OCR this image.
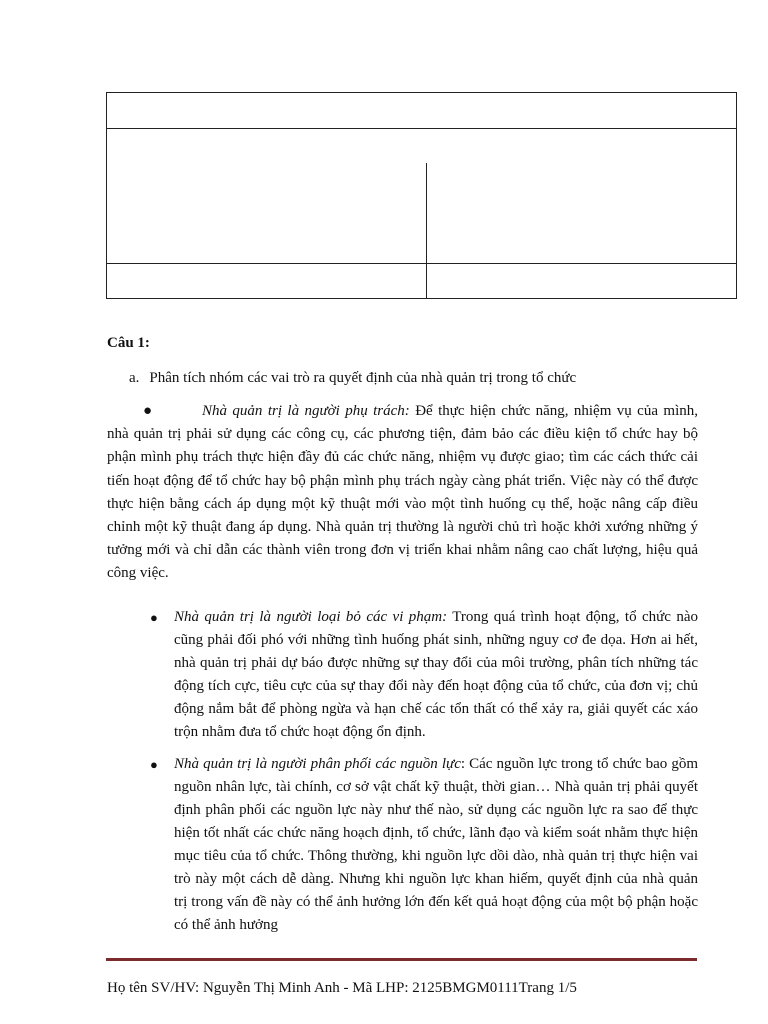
Câu 1:
a. Phân tích nhóm các vai trò ra quyết định của nhà quản trị trong tổ chức
●	Nhà quản trị là người phụ trách: Để thực hiện chức năng, nhiệm vụ của mình, nhà quản trị phải sử dụng các công cụ, các phương tiện, đảm bảo các điều kiện tổ chức hay bộ phận mình phụ trách thực hiện đầy đủ các chức năng, nhiệm vụ được giao; tìm các cách thức cải tiến hoạt động để tổ chức hay bộ phận mình phụ trách ngày càng phát triển. Việc này có thể được thực hiện bằng cách áp dụng một kỹ thuật mới vào một tình huống cụ thể, hoặc nâng cấp điều chỉnh một kỹ thuật đang áp dụng. Nhà quản trị thường là người chủ trì hoặc khởi xướng những ý tưởng mới và chỉ dẫn các thành viên trong đơn vị triển khai nhằm nâng cao chất lượng, hiệu quả công việc.
● Nhà quản trị là người loại bỏ các vi phạm: Trong quá trình hoạt động, tổ chức nào cũng phải đối phó với những tình huống phát sinh, những nguy cơ đe dọa. Hơn ai hết, nhà quản trị phải dự báo được những sự thay đổi của môi trường, phân tích những tác động tích cực, tiêu cực của sự thay đổi này đến hoạt động của tổ chức, của đơn vị; chủ động nắm bắt để phòng ngừa và hạn chế các tổn thất có thể xảy ra, giải quyết các xáo trộn nhằm đưa tổ chức hoạt động ổn định.
● Nhà quản trị là người phân phối các nguồn lực: Các nguồn lực trong tổ chức bao gồm nguồn nhân lực, tài chính, cơ sở vật chất kỹ thuật, thời gian… Nhà quản trị phải quyết định phân phối các nguồn lực này như thế nào, sử dụng các nguồn lực ra sao để thực hiện tốt nhất các chức năng hoạch định, tổ chức, lãnh đạo và kiểm soát nhằm thực hiện mục tiêu của tổ chức. Thông thường, khi nguồn lực dồi dào, nhà quản trị thực hiện vai trò này một cách dễ dàng. Nhưng khi nguồn lực khan hiếm, quyết định của nhà quản trị trong vấn đề này có thể ảnh hưởng lớn đến kết quả hoạt động của một bộ phận hoặc có thể ảnh hưởng
Họ tên SV/HV: Nguyễn Thị Minh Anh - Mã LHP: 2125BMGM0111Trang 1/5
